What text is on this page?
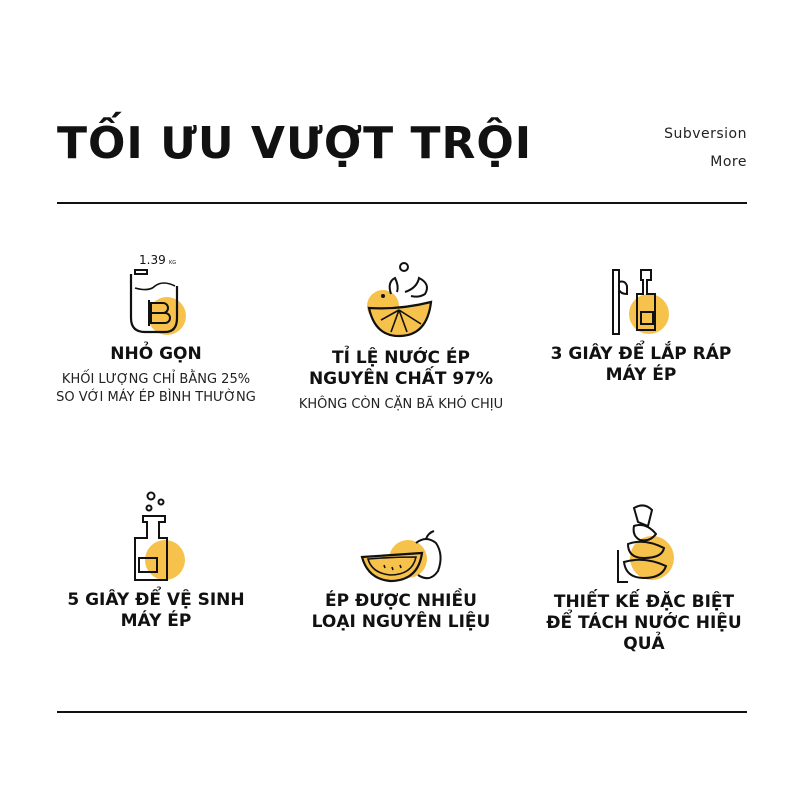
TỐI ƯU VƯỢT TRỘI	Subversion
More
1.39 KG
NHỎ GỌN
KHỐI LƯỢNG CHỈ BẰNG 25%
SO VỚI MÁY ÉP BÌNH THƯỜNG
TỈ LỆ NƯỚC ÉP
NGUYÊN CHẤT 97%
KHÔNG CÒN CẶN BÃ KHÓ CHỊU
3 GIÂY ĐỂ LẮP RÁP
MÁY ÉP
5 GIÂY ĐỂ VỆ SINH
MÁY ÉP
ÉP ĐƯỢC NHIỀU
LOẠI NGUYÊN LIỆU
THIẾT KẾ ĐẶC BIỆT
ĐỂ TÁCH NƯỚC HIỆU QUẢ
